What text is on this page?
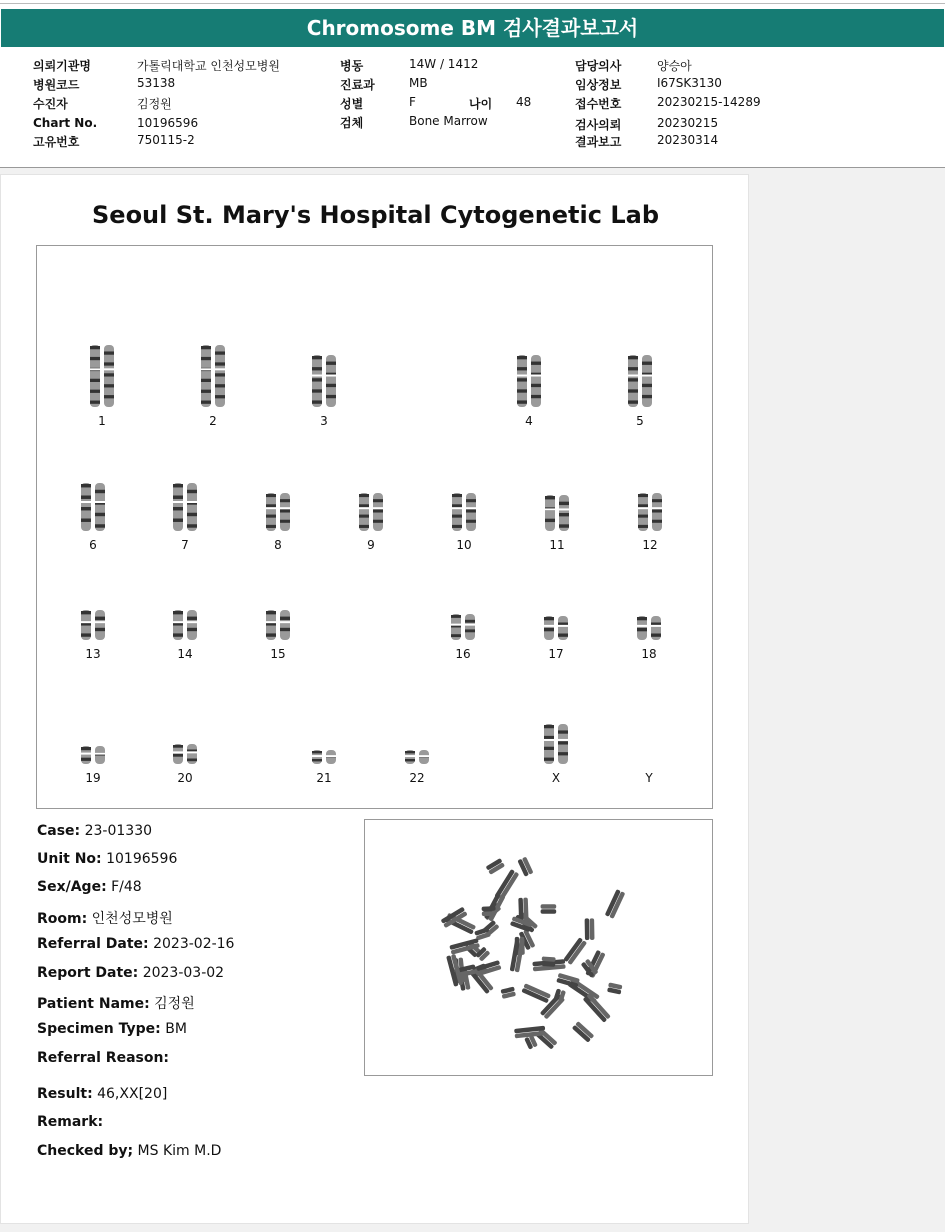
Chromosome BM 검사결과보고서
의뢰기관명	가톨릭대학교 인천성모병원
병원코드	53138
수진자	김정원
Chart No.	10196596
고유번호	750115-2
병동	14W / 1412
진료과	MB
성별	F	나이 48
검체	Bone Marrow
담당의사	양승아
임상정보	I67SK3130
접수번호	20230215-14289
검사의뢰	20230215
결과보고	20230314
Seoul St. Mary's Hospital Cytogenetic Lab
1	2	3	4	5
6	7	8	9	10	11	12
13	14	15	16	17	18
19	20	21	22	X	Y
Case: 23-01330
Unit No: 10196596
Sex/Age: F/48
Room: 인천성모병원
Referral Date: 2023-02-16
Report Date: 2023-03-02
Patient Name: 김정원
Specimen Type: BM
Referral Reason:
Result: 46,XX[20]
Remark:
Checked by; MS Kim M.D
